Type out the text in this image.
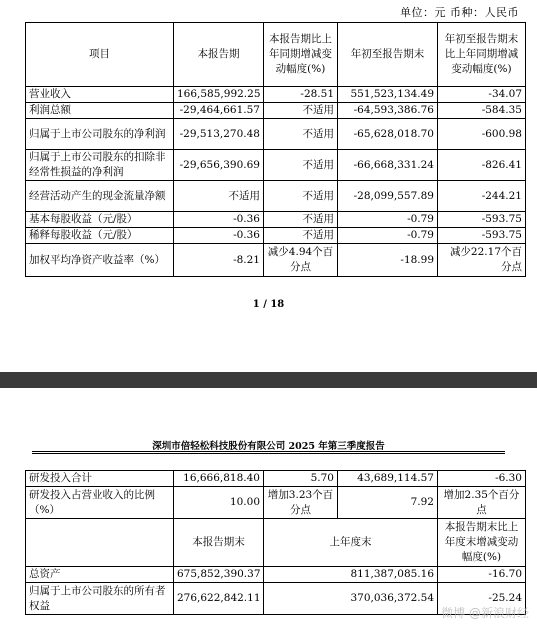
单位：元 币种：人民币
项目	本报告期	本报告期比上年同期增减变动幅度(%)	年初至报告期末	年初至报告期末比上年同期增减变动幅度(%)
营业收入	166,585,992.25	-28.51	551,523,134.49	-34.07
利润总额	-29,464,661.57	不适用	-64,593,386.76	-584.35
归属于上市公司股东的净利润	-29,513,270.48	不适用	-65,628,018.70	-600.98
归属于上市公司股东的扣除非经常性损益的净利润	-29,656,390.69	不适用	-66,668,331.24	-826.41
经营活动产生的现金流量净额	不适用	不适用	-28,099,557.89	-244.21
基本每股收益（元/股）	-0.36	不适用	-0.79	-593.75
稀释每股收益（元/股）	-0.36	不适用	-0.79	-593.75
加权平均净资产收益率（%）	-8.21	减少4.94个百分点	-18.99	减少22.17个百分点
1 / 18
深圳市倍轻松科技股份有限公司 2025 年第三季度报告
研发投入合计	16,666,818.40	5.70	43,689,114.57	-6.30
研发投入占营业收入的比例（%）	10.00	增加3.23个百分点	7.92	增加2.35个百分点
	本报告期末	上年度末		本报告期末比上年度末增减变动幅度(%)
总资产	675,852,390.37	811,387,085.16		-16.70
归属于上市公司股东的所有者权益	276,622,842.11	370,036,372.54		-25.24
微博 @新浪财经
